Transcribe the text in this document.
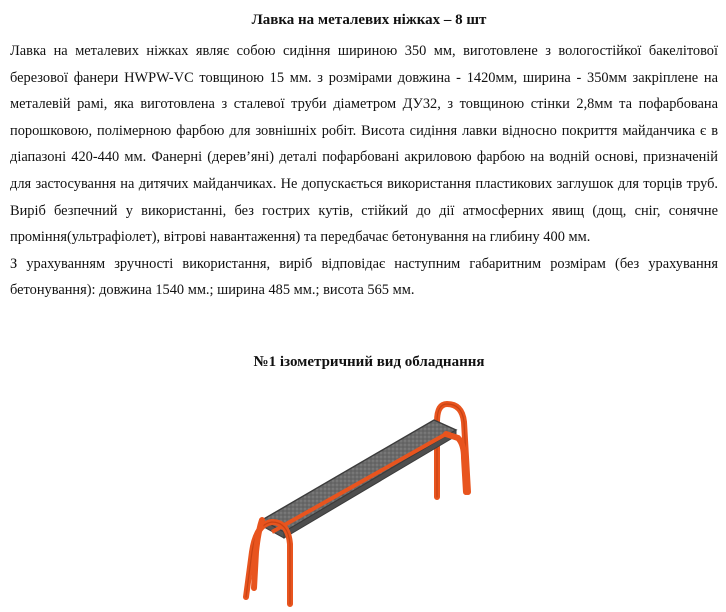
Лавка на металевих ніжках – 8 шт

Лавка на металевих ніжках являє собою сидіння шириною 350 мм, виготовлене з вологостійкої бакелітової березової фанери HWPW-VC товщиною 15 мм. з розмірами довжина - 1420мм, ширина - 350мм закріплене на металевій рамі, яка виготовлена з сталевої труби діаметром ДУ32, з товщиною стінки 2,8мм та пофарбована порошковою, полімерною фарбою для зовнішніх робіт. Висота сидіння лавки відносно покриття майданчика є в діапазоні 420-440 мм. Фанерні (дерев’яні) деталі пофарбовані акриловою фарбою на водній основі, призначеній для застосування на дитячих майданчиках. Не допускається використання пластикових заглушок для торців труб. Виріб безпечний у використанні, без гострих кутів, стійкий до дії атмосферних явищ (дощ, сніг, сонячне проміння(ультрафіолет), вітрові навантаження) та передбачає бетонування на глибину 400 мм.

З урахуванням зручності використання, виріб відповідає наступним габаритним розмірам (без урахування бетонування): довжина 1540 мм.; ширина 485 мм.; висота 565 мм.

№1 ізометричний вид обладнання
